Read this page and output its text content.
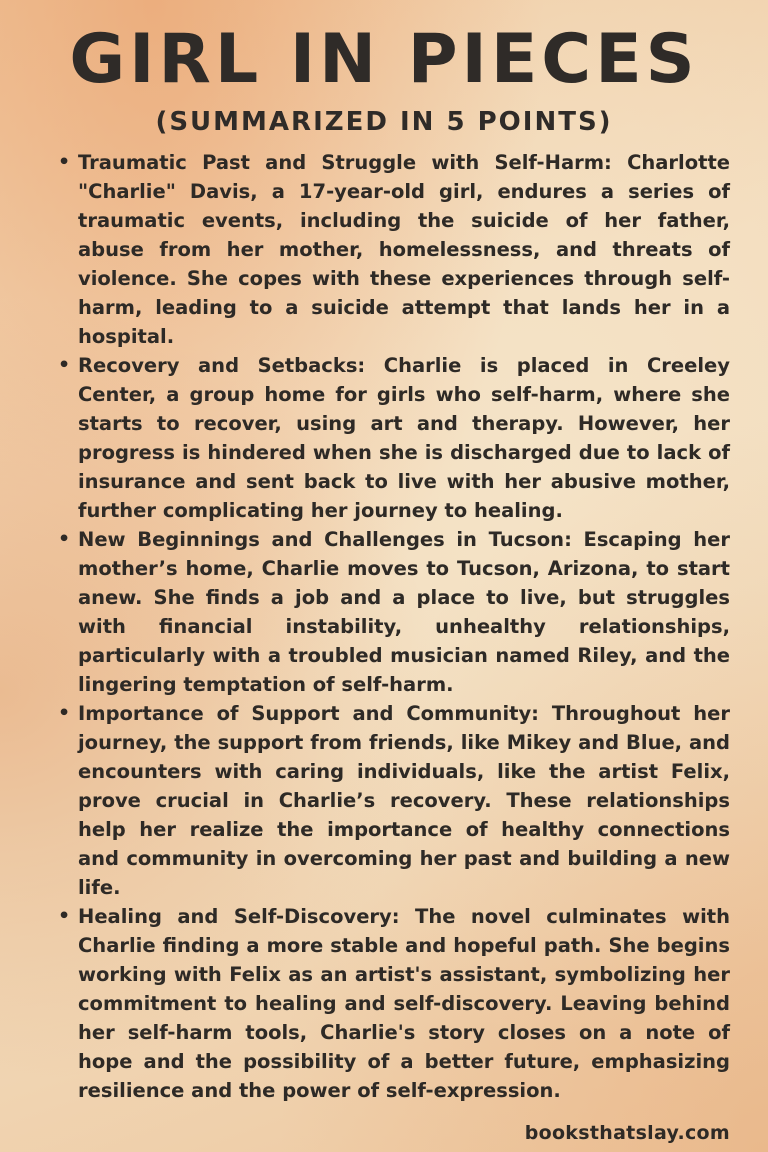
GIRL IN PIECES
(SUMMARIZED IN 5 POINTS)
• Traumatic Past and Struggle with Self-Harm: Charlotte "Charlie" Davis, a 17-year-old girl, endures a series of traumatic events, including the suicide of her father, abuse from her mother, homelessness, and threats of violence. She copes with these experiences through self-harm, leading to a suicide attempt that lands her in a hospital.
• Recovery and Setbacks: Charlie is placed in Creeley Center, a group home for girls who self-harm, where she starts to recover, using art and therapy. However, her progress is hindered when she is discharged due to lack of insurance and sent back to live with her abusive mother, further complicating her journey to healing.
• New Beginnings and Challenges in Tucson: Escaping her mother’s home, Charlie moves to Tucson, Arizona, to start anew. She finds a job and a place to live, but struggles with financial instability, unhealthy relationships, particularly with a troubled musician named Riley, and the lingering temptation of self-harm.
• Importance of Support and Community: Throughout her journey, the support from friends, like Mikey and Blue, and encounters with caring individuals, like the artist Felix, prove crucial in Charlie’s recovery. These relationships help her realize the importance of healthy connections and community in overcoming her past and building a new life.
• Healing and Self-Discovery: The novel culminates with Charlie finding a more stable and hopeful path. She begins working with Felix as an artist's assistant, symbolizing her commitment to healing and self-discovery. Leaving behind her self-harm tools, Charlie's story closes on a note of hope and the possibility of a better future, emphasizing resilience and the power of self-expression.
booksthatslay.com
